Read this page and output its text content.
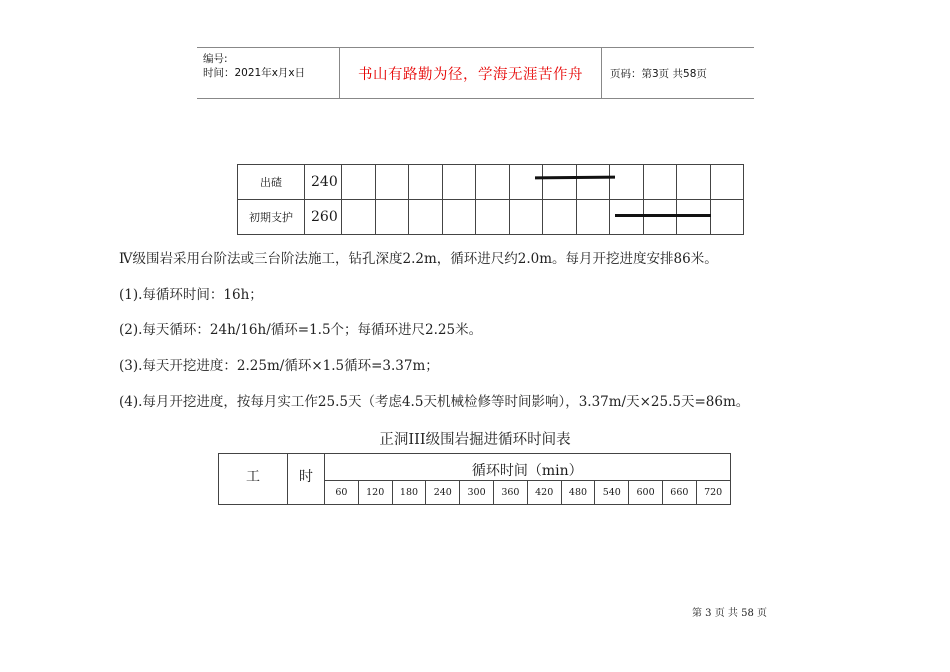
编号:
时间：2021年x月x日	书山有路勤为径，学海无涯苦作舟	页码：第3页 共58页
出碴	240												
初期支护	260												
Ⅳ级围岩采用台阶法或三台阶法施工，钻孔深度2.2m，循环进尺约2.0m。每月开挖进度安排86米。
(1).每循环时间：16h；
(2).每天循环：24h/16h/循环=1.5个；每循环进尺2.25米。
(3).每天开挖进度：2.25m/循环×1.5循环=3.37m；
(4).每月开挖进度，按每月实工作25.5天（考虑4.5天机械检修等时间影响），3.37m/天×25.5天=86m。
正洞III级围岩掘进循环时间表
工	时	循环时间（min）											
		60	120	180	240	300	360	420	480	540	600	660	720
第 3 页 共 58 页
